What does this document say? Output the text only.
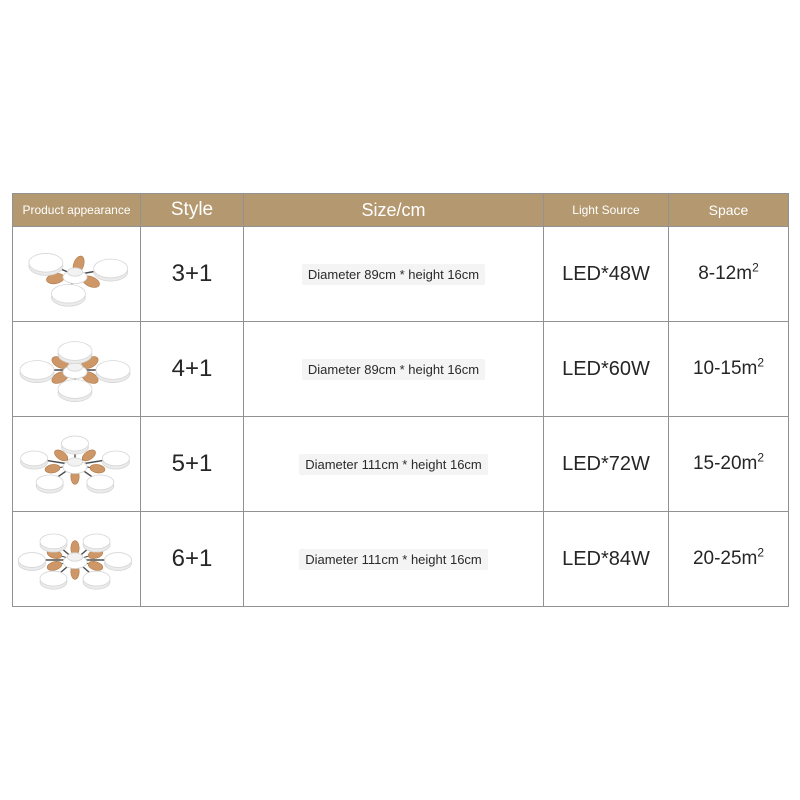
Product appearance	Style	Size/cm	Light Source	Space

	3+1	Diameter 89cm * height 16cm	LED*48W	$8-12m^2$

	4+1	Diameter 89cm * height 16cm	LED*60W	$10-15m^2$

	5+1	Diameter 111cm * height 16cm	LED*72W	$15-20m^2$

	6+1	Diameter 111cm * height 16cm	LED*84W	$20-25m^2$
